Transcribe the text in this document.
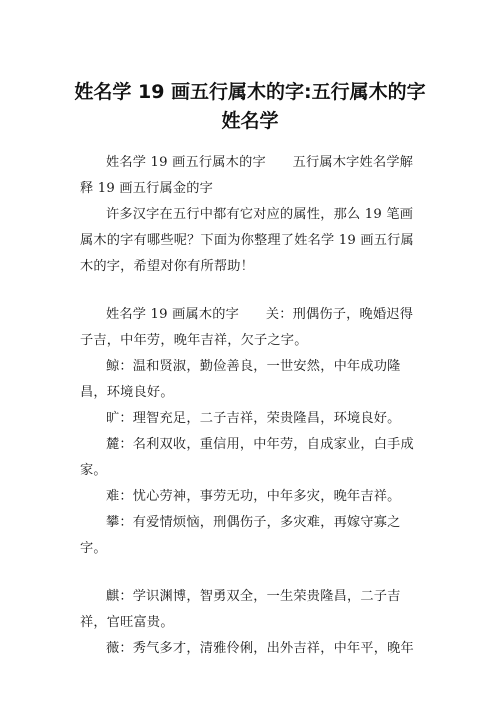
姓名学 19 画五行属木的字:五行属木的字
姓名学

姓名学 19 画五行属木的字　　五行属木字姓名学解释 19 画五行属金的字

许多汉字在五行中都有它对应的属性，那么 19 笔画属木的字有哪些呢？下面为你整理了姓名学 19 画五行属木的字，希望对你有所帮助！

姓名学 19 画属木的字　　关：刑偶伤子，晚婚迟得子吉，中年劳，晚年吉祥，欠子之字。

鲸：温和贤淑，勤俭善良，一世安然，中年成功隆昌，环境良好。

旷：理智充足，二子吉祥，荣贵隆昌，环境良好。

麓：名利双收，重信用，中年劳，自成家业，白手成家。

难：忧心劳神，事劳无功，中年多灾，晚年吉祥。

攀：有爱情烦恼，刑偶伤子，多灾难，再嫁守寡之字。

麒：学识渊博，智勇双全，一生荣贵隆昌，二子吉祥，官旺富贵。

薇：秀气多才，清雅伶俐，出外吉祥，中年平，晚年
